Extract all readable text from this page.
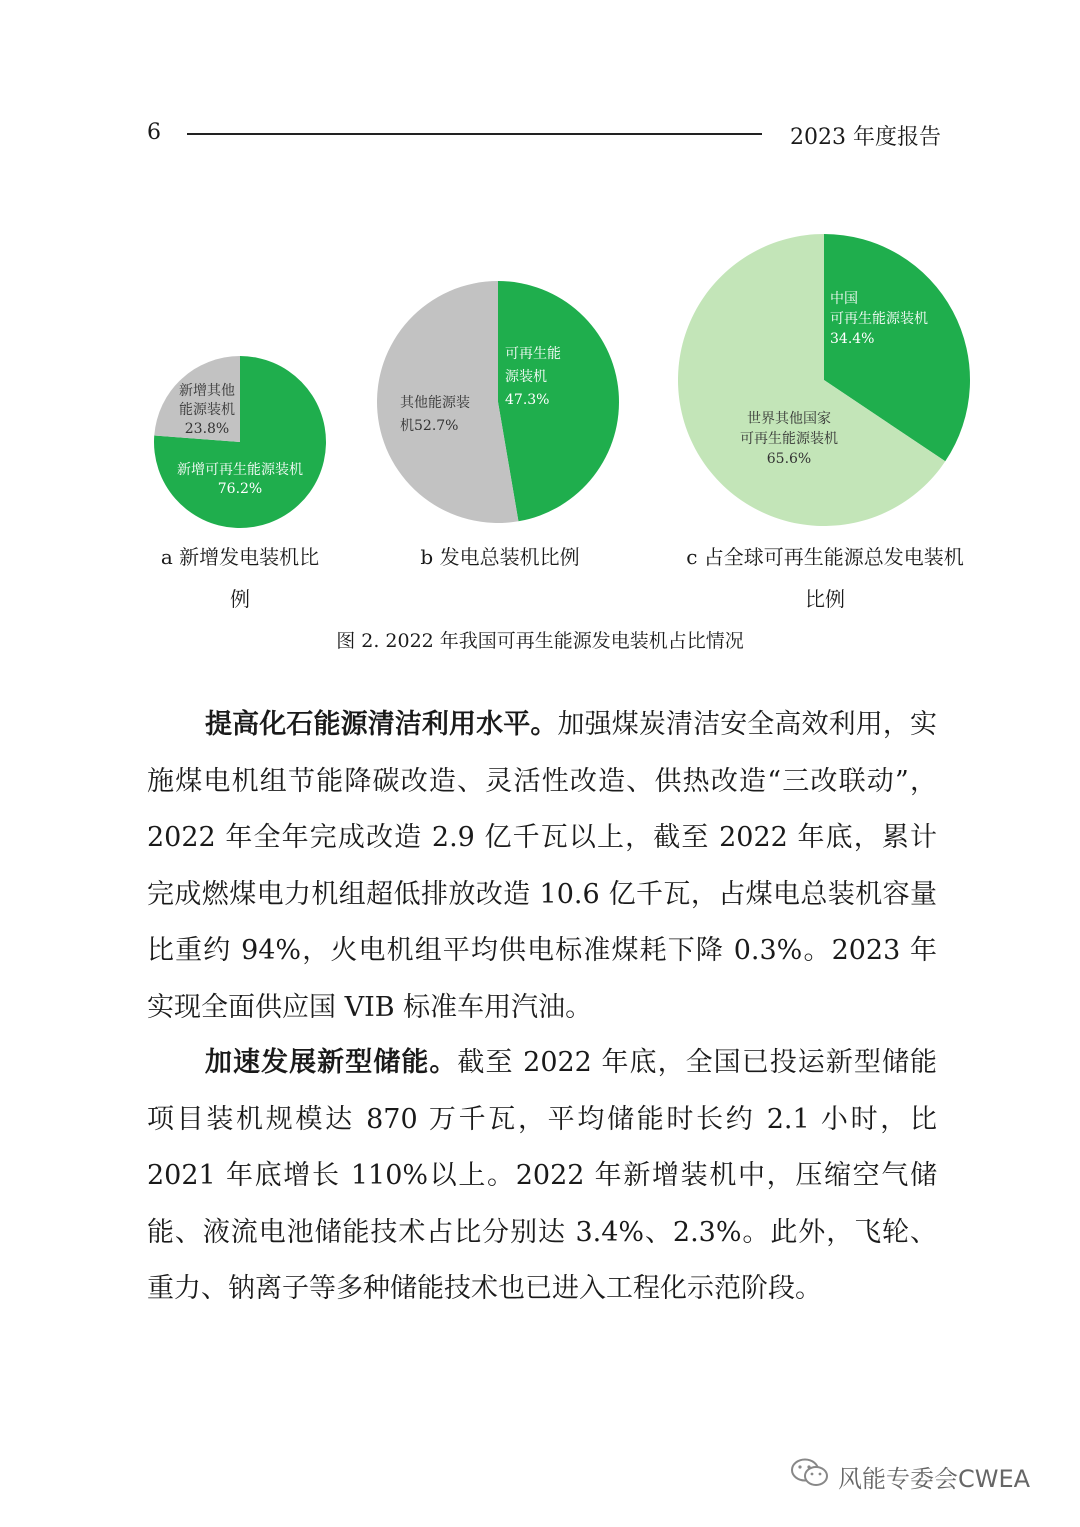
6	2023 年度报告
新增可再生能源装机 76.2%
新增其他能源装机 23.8%
可再生能源装机 47.3%
其他能源装机52.7%
中国可再生能源装机 34.4%
世界其他国家可再生能源装机 65.6%
a 新增发电装机比
例
b 发电总装机比例	c 占全球可再生能源总发电装机
比例
图 2. 2022 年我国可再生能源发电装机占比情况

提高化石能源清洁利用水平。加强煤炭清洁安全高效利用，实施煤电机组节能降碳改造、灵活性改造、供热改造“三改联动”，2022 年全年完成改造 2.9 亿千瓦以上，截至 2022 年底，累计完成燃煤电力机组超低排放改造 10.6 亿千瓦，占煤电总装机容量比重约 94%，火电机组平均供电标准煤耗下降 0.3%。2023 年实现全面供应国 VIB 标准车用汽油。

加速发展新型储能。截至 2022 年底，全国已投运新型储能项目装机规模达 870 万千瓦，平均储能时长约 2.1 小时，比 2021 年底增长 110%以上。2022 年新增装机中，压缩空气储能、液流电池储能技术占比分别达 3.4%、2.3%。此外，飞轮、重力、钠离子等多种储能技术也已进入工程化示范阶段。

风能专委会CWEA
